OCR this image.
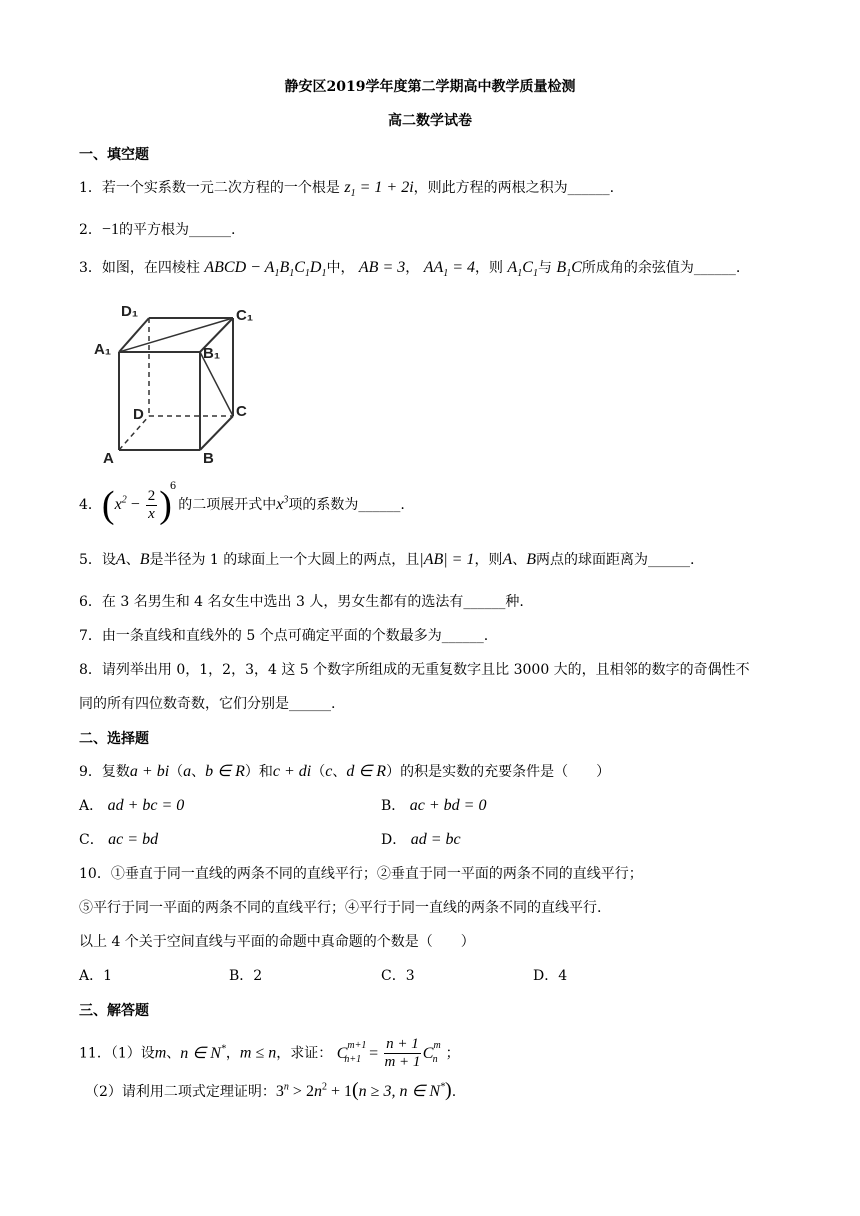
静安区2019学年度第二学期高中教学质量检测
高二数学试卷
一、填空题
1．若一个实系数一元二次方程的一个根是 $z_1 = 1 + 2i$，则此方程的两根之积为______.
2．−1的平方根为______.
3．如图，在四棱柱 ABCD − $A_1B_1C_1D_1$中， AB = 3， $AA_1 = 4$，则 $A_1C_1$与 $B_1C$所成角的余弦值为______.
D₁	C₁
A₁	B₁
D	C
A	B
4．$(x^2 - \frac{2}{x} )^6$的二项展开式中$x^3$项的系数为______.
5．设A、B是半径为 1 的球面上一个大圆上的两点，且|AB| = 1，则A、B两点的球面距离为______.
6．在 3 名男生和 4 名女生中选出 3 人，男女生都有的选法有______种.
7．由一条直线和直线外的 5 个点可确定平面的个数最多为______.
8．请列举出用 0，1，2，3，4 这 5 个数字所组成的无重复数字且比 3000 大的，且相邻的数字的奇偶性不
同的所有四位数奇数，它们分别是______.
二、选择题
9．复数a + bi（a、b ∈ R）和c + di（c、d ∈ R）的积是实数的充要条件是（　　）
A． ad + bc = 0	B． ac + bd = 0
C． ac = bd	D． ad = bc
10．①垂直于同一直线的两条不同的直线平行；②垂直于同一平面的两条不同的直线平行；
⑤平行于同一平面的两条不同的直线平行；④平行于同一直线的两条不同的直线平行.
以上 4 个关于空间直线与平面的命题中真命题的个数是（　　）
A．1	B．2	C．3	D．4
三、解答题
11．（1）设m、n ∈ N*，m ≤ n，求证： $C^{m+1}_{n+1} = \frac{n + 1}{m + 1} C^m_n$ ；
（2）请利用二项式定理证明：$3^n > 2n^2 + 1(n \ge 3$, n ∈ N*).
